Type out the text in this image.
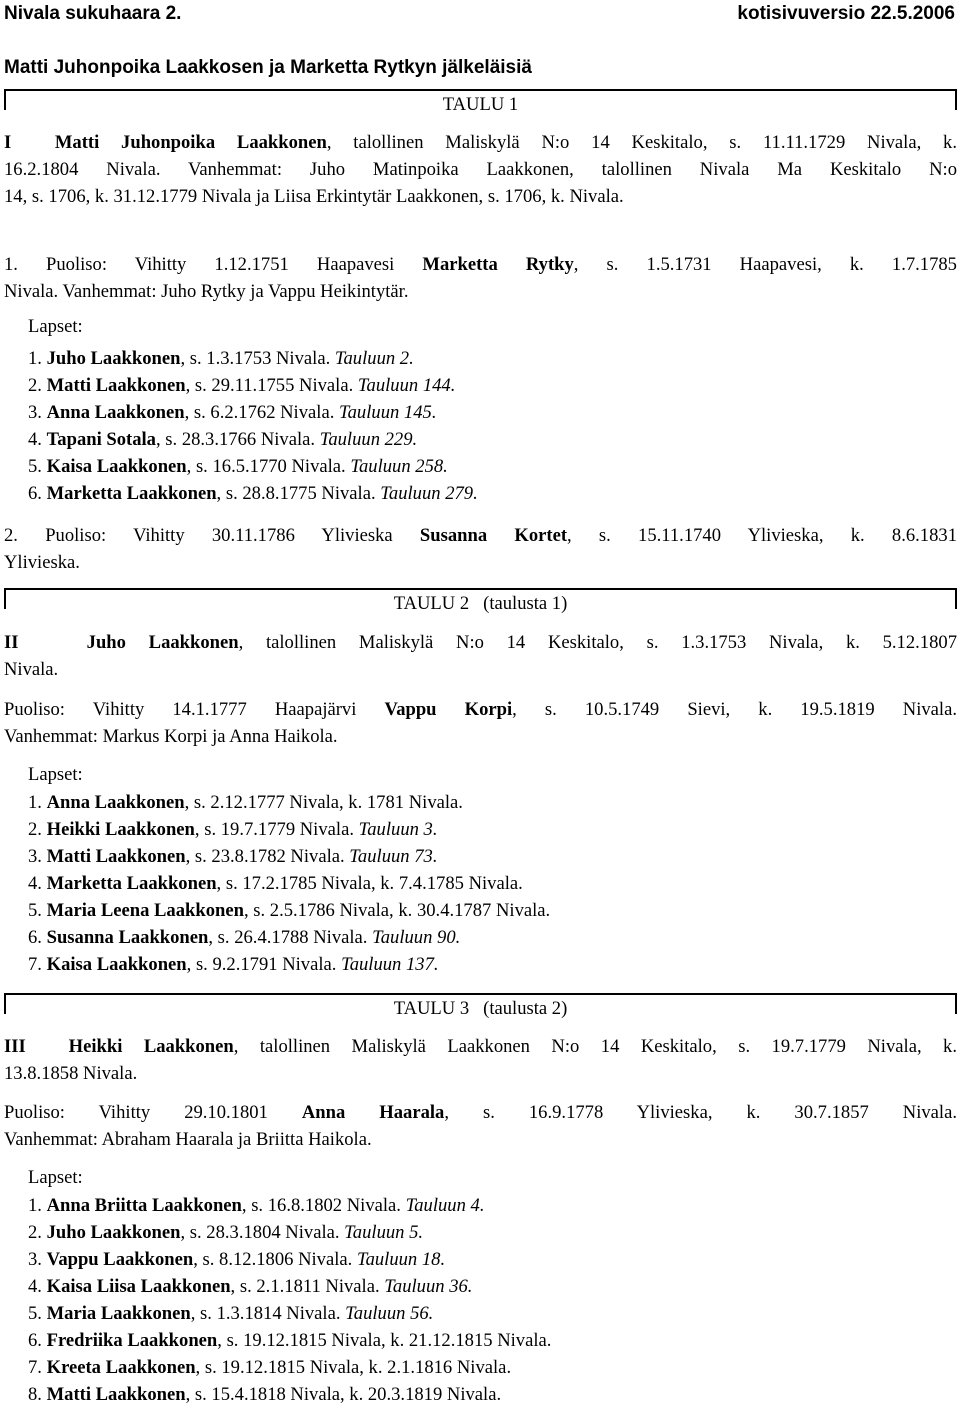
Nivala sukuhaara 2.	kotisivuversio 22.5.2006
Matti Juhonpoika Laakkosen ja Marketta Rytkyn jälkeläisiä
TAULU 1
I Matti Juhonpoika Laakkonen, talollinen Maliskylä N:o 14 Keskitalo, s. 11.11.1729 Nivala, k.
16.2.1804 Nivala. Vanhemmat: Juho Matinpoika Laakkonen, talollinen Nivala Ma Keskitalo N:o
14, s. 1706, k. 31.12.1779 Nivala ja Liisa Erkintytär Laakkonen, s. 1706, k. Nivala.
1. Puoliso: Vihitty 1.12.1751 Haapavesi Marketta Rytky, s. 1.5.1731 Haapavesi, k. 1.7.1785
Nivala. Vanhemmat: Juho Rytky ja Vappu Heikintytär.
Lapset:
1. Juho Laakkonen, s. 1.3.1753 Nivala. Tauluun 2.
2. Matti Laakkonen, s. 29.11.1755 Nivala. Tauluun 144.
3. Anna Laakkonen, s. 6.2.1762 Nivala. Tauluun 145.
4. Tapani Sotala, s. 28.3.1766 Nivala. Tauluun 229.
5. Kaisa Laakkonen, s. 16.5.1770 Nivala. Tauluun 258.
6. Marketta Laakkonen, s. 28.8.1775 Nivala. Tauluun 279.
2. Puoliso: Vihitty 30.11.1786 Ylivieska Susanna Kortet, s. 15.11.1740 Ylivieska, k. 8.6.1831
Ylivieska.
TAULU 2 (taulusta 1)
II	Juho Laakkonen, talollinen Maliskylä N:o 14 Keskitalo, s. 1.3.1753 Nivala, k. 5.12.1807
Nivala.
Puoliso: Vihitty 14.1.1777 Haapajärvi Vappu Korpi, s. 10.5.1749 Sievi, k. 19.5.1819 Nivala.
Vanhemmat: Markus Korpi ja Anna Haikola.
Lapset:
1. Anna Laakkonen, s. 2.12.1777 Nivala, k. 1781 Nivala.
2. Heikki Laakkonen, s. 19.7.1779 Nivala. Tauluun 3.
3. Matti Laakkonen, s. 23.8.1782 Nivala. Tauluun 73.
4. Marketta Laakkonen, s. 17.2.1785 Nivala, k. 7.4.1785 Nivala.
5. Maria Leena Laakkonen, s. 2.5.1786 Nivala, k. 30.4.1787 Nivala.
6. Susanna Laakkonen, s. 26.4.1788 Nivala. Tauluun 90.
7. Kaisa Laakkonen, s. 9.2.1791 Nivala. Tauluun 137.
TAULU 3 (taulusta 2)
III Heikki Laakkonen, talollinen Maliskylä Laakkonen N:o 14 Keskitalo, s. 19.7.1779 Nivala, k.
13.8.1858 Nivala.
Puoliso: Vihitty 29.10.1801 Anna Haarala, s. 16.9.1778 Ylivieska, k. 30.7.1857 Nivala.
Vanhemmat: Abraham Haarala ja Briitta Haikola.
Lapset:
1. Anna Briitta Laakkonen, s. 16.8.1802 Nivala. Tauluun 4.
2. Juho Laakkonen, s. 28.3.1804 Nivala. Tauluun 5.
3. Vappu Laakkonen, s. 8.12.1806 Nivala. Tauluun 18.
4. Kaisa Liisa Laakkonen, s. 2.1.1811 Nivala. Tauluun 36.
5. Maria Laakkonen, s. 1.3.1814 Nivala. Tauluun 56.
6. Fredriika Laakkonen, s. 19.12.1815 Nivala, k. 21.12.1815 Nivala.
7. Kreeta Laakkonen, s. 19.12.1815 Nivala, k. 2.1.1816 Nivala.
8. Matti Laakkonen, s. 15.4.1818 Nivala, k. 20.3.1819 Nivala.
